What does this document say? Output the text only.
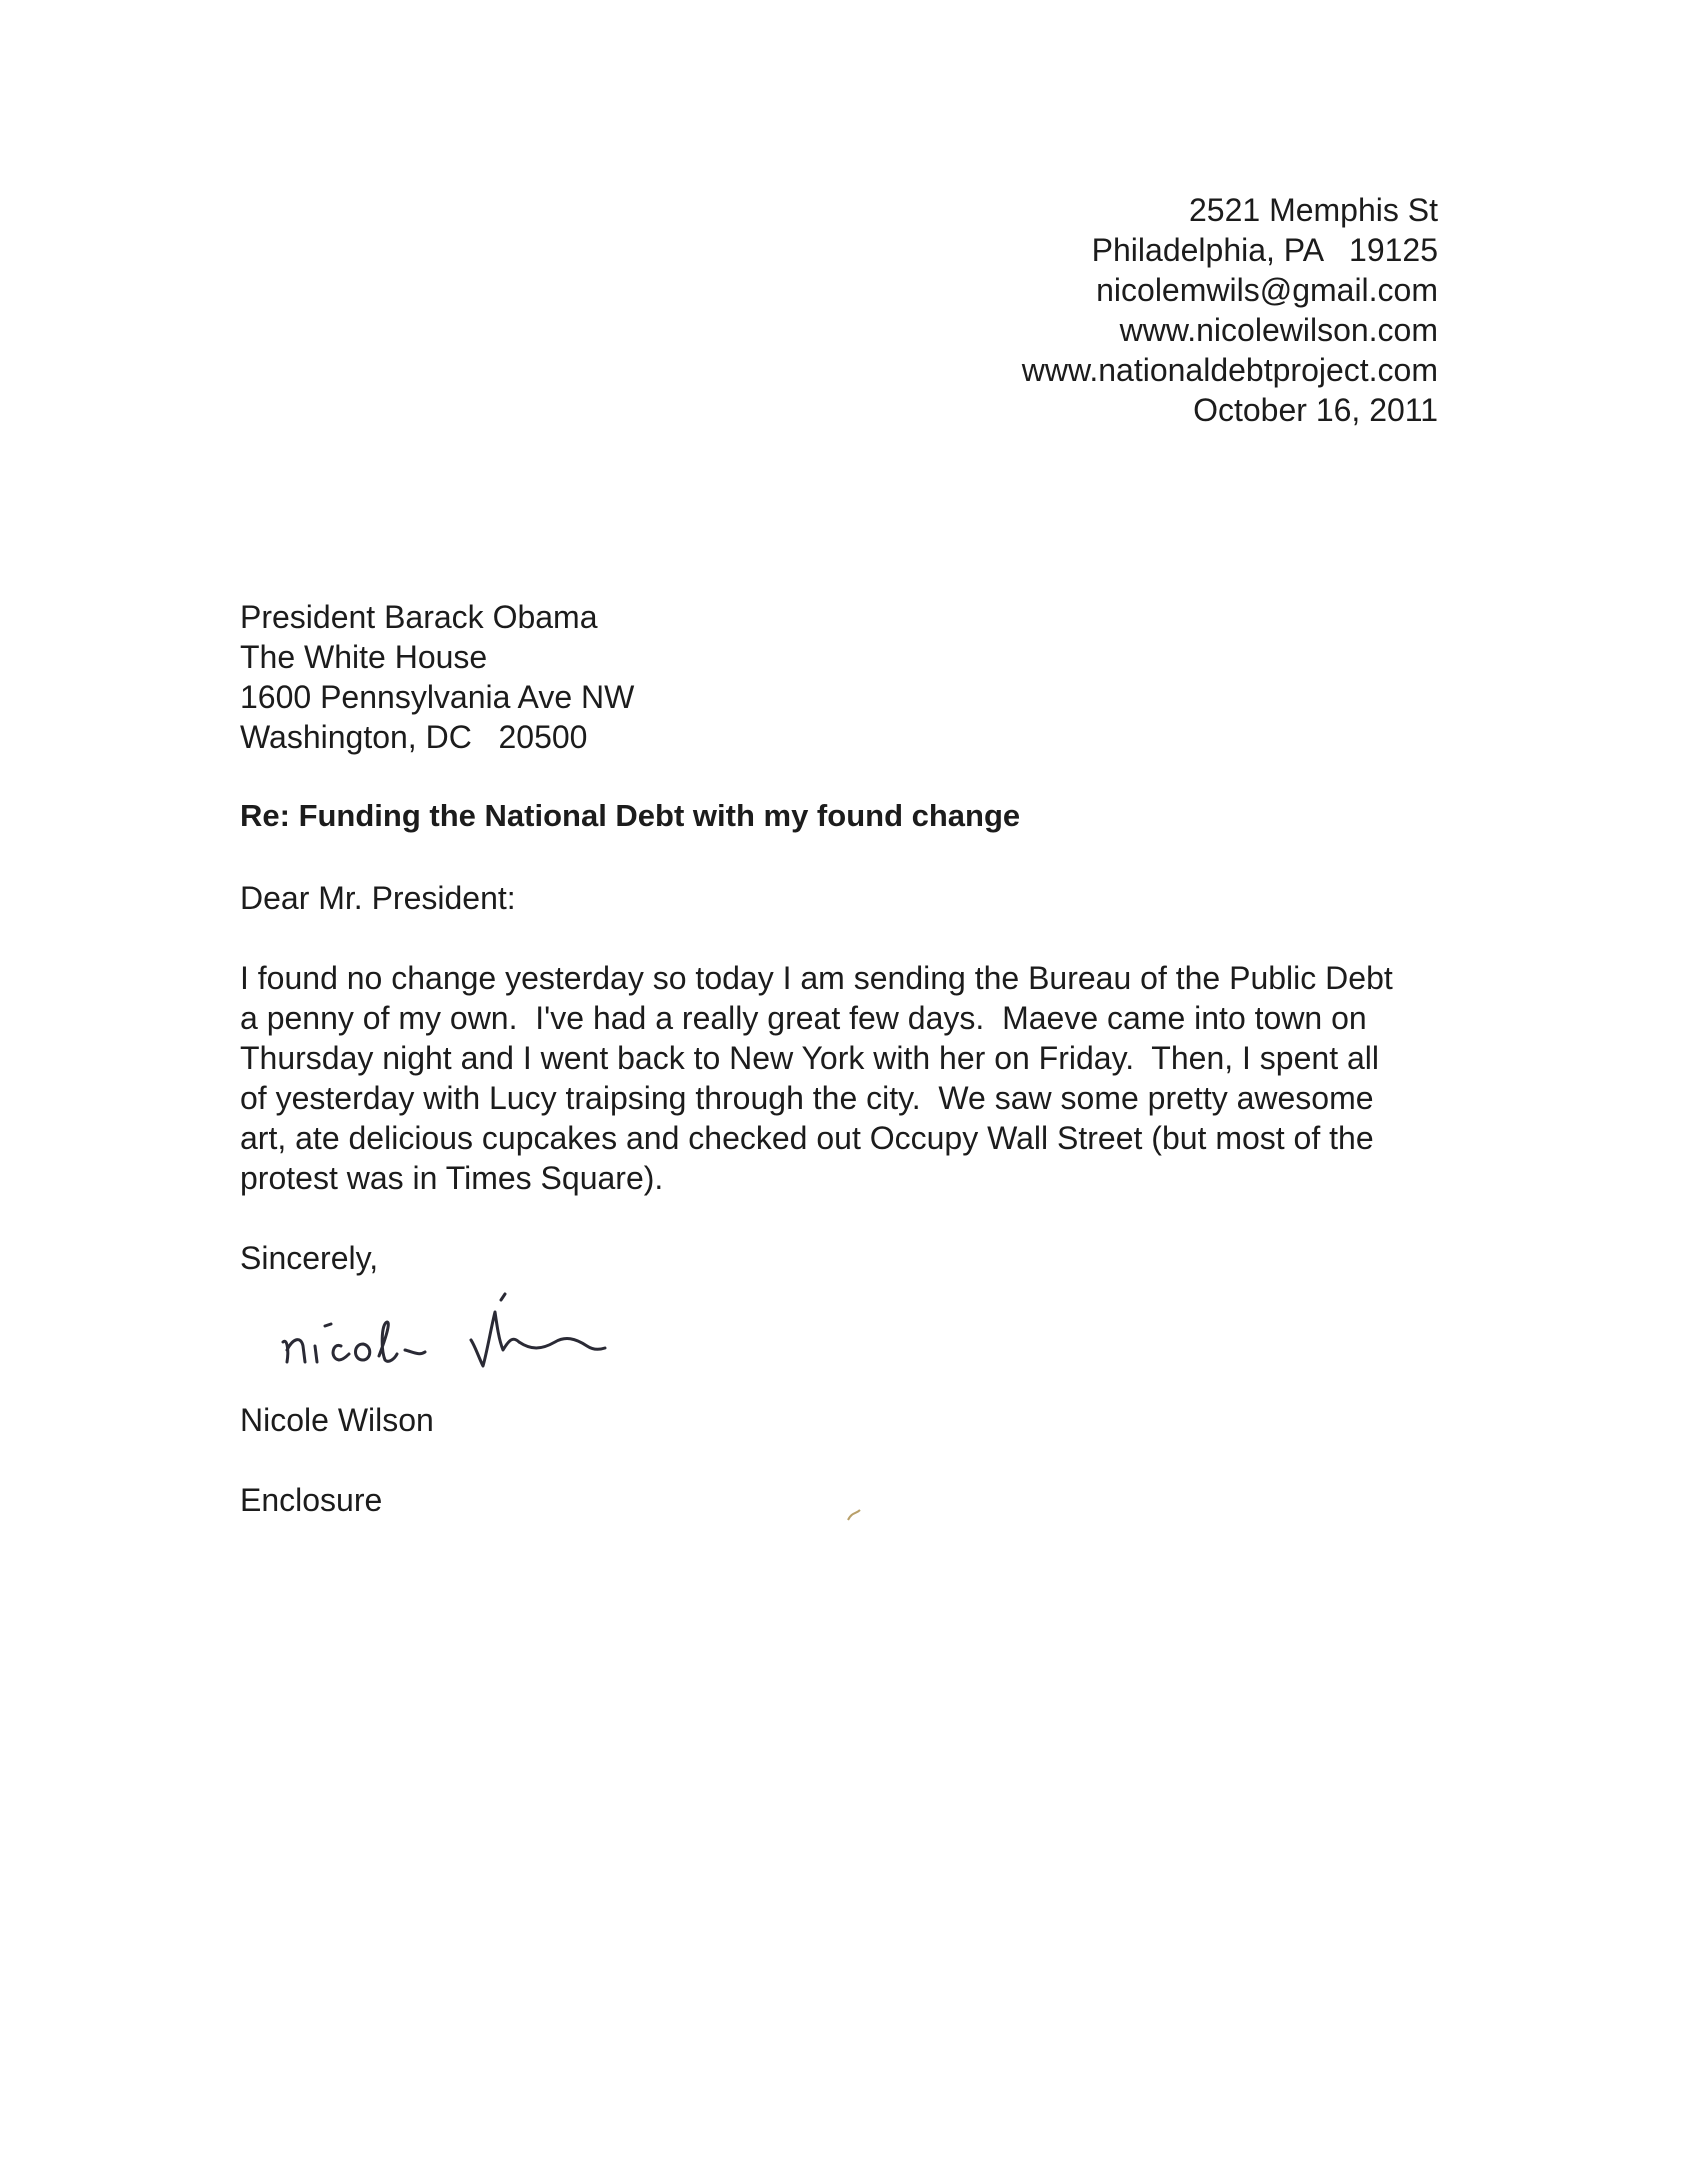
2521 Memphis St
Philadelphia, PA   19125
nicolemwils@gmail.com
www.nicolewilson.com
www.nationaldebtproject.com
October 16, 2011
President Barack Obama
The White House
1600 Pennsylvania Ave NW
Washington, DC   20500
Re: Funding the National Debt with my found change
Dear Mr. President:
I found no change yesterday so today I am sending the Bureau of the Public Debt
a penny of my own.  I've had a really great few days.  Maeve came into town on
Thursday night and I went back to New York with her on Friday.  Then, I spent all
of yesterday with Lucy traipsing through the city.  We saw some pretty awesome
art, ate delicious cupcakes and checked out Occupy Wall Street (but most of the
protest was in Times Square).
Sincerely,
Nicole Wilson
Enclosure
